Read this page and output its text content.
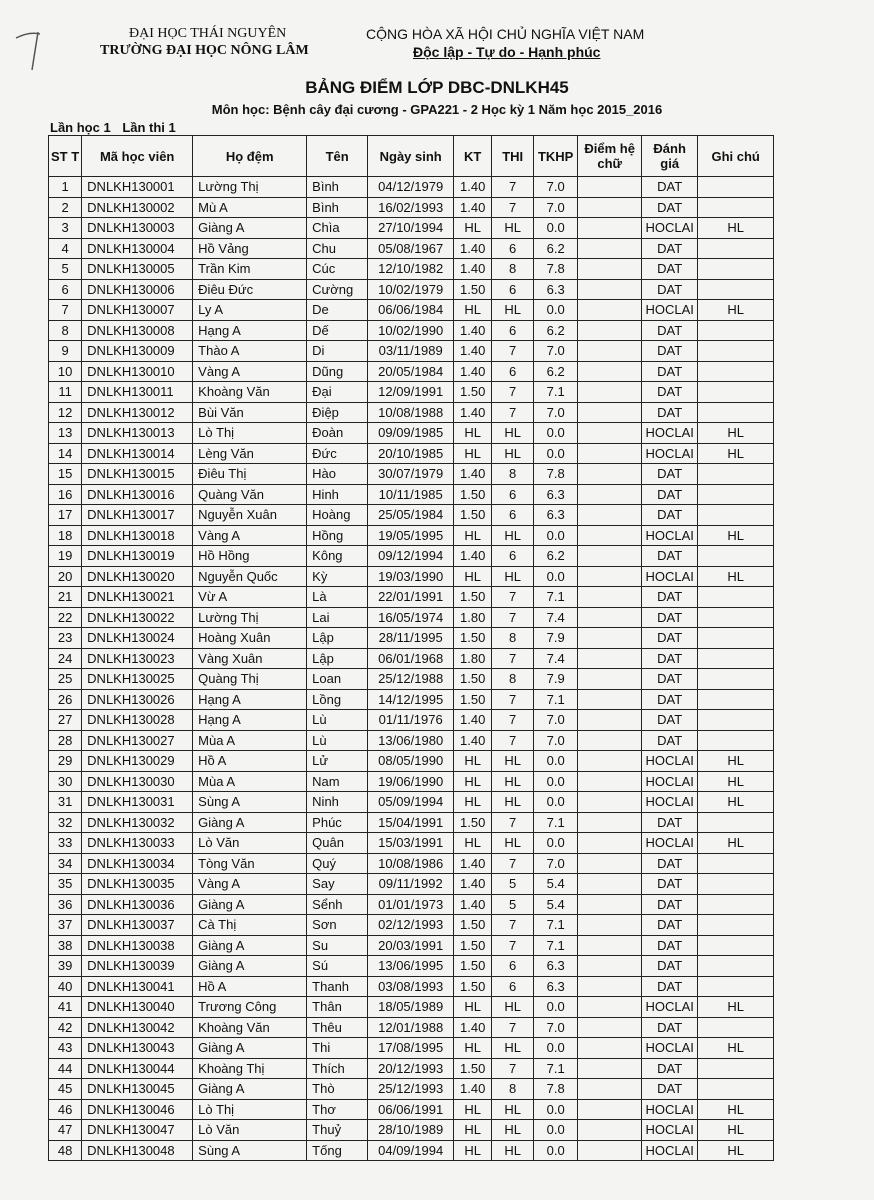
ĐẠI HỌC THÁI NGUYÊN
TRƯỜNG ĐẠI HỌC NÔNG LÂM
CỘNG HÒA XÃ HỘI CHỦ NGHĨA VIỆT NAM
Độc lập - Tự do - Hạnh phúc
BẢNG ĐIỂM LỚP DBC-DNLKH45
Môn học: Bệnh cây đại cương - GPA221 - 2 Học kỳ 1 Năm học 2015_2016
Lần học 1 Lần thi 1
ST T	Mã học viên	Họ đệm	Tên	Ngày sinh	KT	THI	TKHP	Điểm hệ chữ	Đánh giá	Ghi chú
1	DNLKH130001	Lường Thị	Bình	04/12/1979	1.40	7	7.0		DAT	
2	DNLKH130002	Mù A	Bình	16/02/1993	1.40	7	7.0		DAT	
3	DNLKH130003	Giàng A	Chìa	27/10/1994	HL	HL	0.0		HOCLAI	HL
4	DNLKH130004	Hồ Vảng	Chu	05/08/1967	1.40	6	6.2		DAT	
5	DNLKH130005	Trần Kim	Cúc	12/10/1982	1.40	8	7.8		DAT	
6	DNLKH130006	Điêu Đức	Cường	10/02/1979	1.50	6	6.3		DAT	
7	DNLKH130007	Ly A	De	06/06/1984	HL	HL	0.0		HOCLAI	HL
8	DNLKH130008	Hạng A	Dế	10/02/1990	1.40	6	6.2		DAT	
9	DNLKH130009	Thào A	Di	03/11/1989	1.40	7	7.0		DAT	
10	DNLKH130010	Vàng A	Dũng	20/05/1984	1.40	6	6.2		DAT	
11	DNLKH130011	Khoàng Văn	Đại	12/09/1991	1.50	7	7.1		DAT	
12	DNLKH130012	Bùi Văn	Điệp	10/08/1988	1.40	7	7.0		DAT	
13	DNLKH130013	Lò Thị	Đoàn	09/09/1985	HL	HL	0.0		HOCLAI	HL
14	DNLKH130014	Lèng Văn	Đức	20/10/1985	HL	HL	0.0		HOCLAI	HL
15	DNLKH130015	Điêu Thị	Hào	30/07/1979	1.40	8	7.8		DAT	
16	DNLKH130016	Quàng Văn	Hinh	10/11/1985	1.50	6	6.3		DAT	
17	DNLKH130017	Nguyễn Xuân	Hoàng	25/05/1984	1.50	6	6.3		DAT	
18	DNLKH130018	Vàng A	Hồng	19/05/1995	HL	HL	0.0		HOCLAI	HL
19	DNLKH130019	Hồ Hồng	Kông	09/12/1994	1.40	6	6.2		DAT	
20	DNLKH130020	Nguyễn Quốc	Kỳ	19/03/1990	HL	HL	0.0		HOCLAI	HL
21	DNLKH130021	Vừ A	Là	22/01/1991	1.50	7	7.1		DAT	
22	DNLKH130022	Lường Thị	Lai	16/05/1974	1.80	7	7.4		DAT	
23	DNLKH130024	Hoàng Xuân	Lập	28/11/1995	1.50	8	7.9		DAT	
24	DNLKH130023	Vàng Xuân	Lập	06/01/1968	1.80	7	7.4		DAT	
25	DNLKH130025	Quàng Thị	Loan	25/12/1988	1.50	8	7.9		DAT	
26	DNLKH130026	Hạng A	Lồng	14/12/1995	1.50	7	7.1		DAT	
27	DNLKH130028	Hạng A	Lù	01/11/1976	1.40	7	7.0		DAT	
28	DNLKH130027	Mùa A	Lù	13/06/1980	1.40	7	7.0		DAT	
29	DNLKH130029	Hồ A	Lử	08/05/1990	HL	HL	0.0		HOCLAI	HL
30	DNLKH130030	Mùa A	Nam	19/06/1990	HL	HL	0.0		HOCLAI	HL
31	DNLKH130031	Sùng A	Ninh	05/09/1994	HL	HL	0.0		HOCLAI	HL
32	DNLKH130032	Giàng A	Phúc	15/04/1991	1.50	7	7.1		DAT	
33	DNLKH130033	Lò Văn	Quân	15/03/1991	HL	HL	0.0		HOCLAI	HL
34	DNLKH130034	Tòng Văn	Quý	10/08/1986	1.40	7	7.0		DAT	
35	DNLKH130035	Vàng A	Say	09/11/1992	1.40	5	5.4		DAT	
36	DNLKH130036	Giàng A	Sểnh	01/01/1973	1.40	5	5.4		DAT	
37	DNLKH130037	Cà Thị	Sơn	02/12/1993	1.50	7	7.1		DAT	
38	DNLKH130038	Giàng A	Su	20/03/1991	1.50	7	7.1		DAT	
39	DNLKH130039	Giàng A	Sú	13/06/1995	1.50	6	6.3		DAT	
40	DNLKH130041	Hồ A	Thanh	03/08/1993	1.50	6	6.3		DAT	
41	DNLKH130040	Trương Công	Thân	18/05/1989	HL	HL	0.0		HOCLAI	HL
42	DNLKH130042	Khoàng Văn	Thêu	12/01/1988	1.40	7	7.0		DAT	
43	DNLKH130043	Giàng A	Thi	17/08/1995	HL	HL	0.0		HOCLAI	HL
44	DNLKH130044	Khoàng Thị	Thích	20/12/1993	1.50	7	7.1		DAT	
45	DNLKH130045	Giàng A	Thò	25/12/1993	1.40	8	7.8		DAT	
46	DNLKH130046	Lò Thị	Thơ	06/06/1991	HL	HL	0.0		HOCLAI	HL
47	DNLKH130047	Lò Văn	Thuỷ	28/10/1989	HL	HL	0.0		HOCLAI	HL
48	DNLKH130048	Sùng A	Tống	04/09/1994	HL	HL	0.0		HOCLAI	HL
